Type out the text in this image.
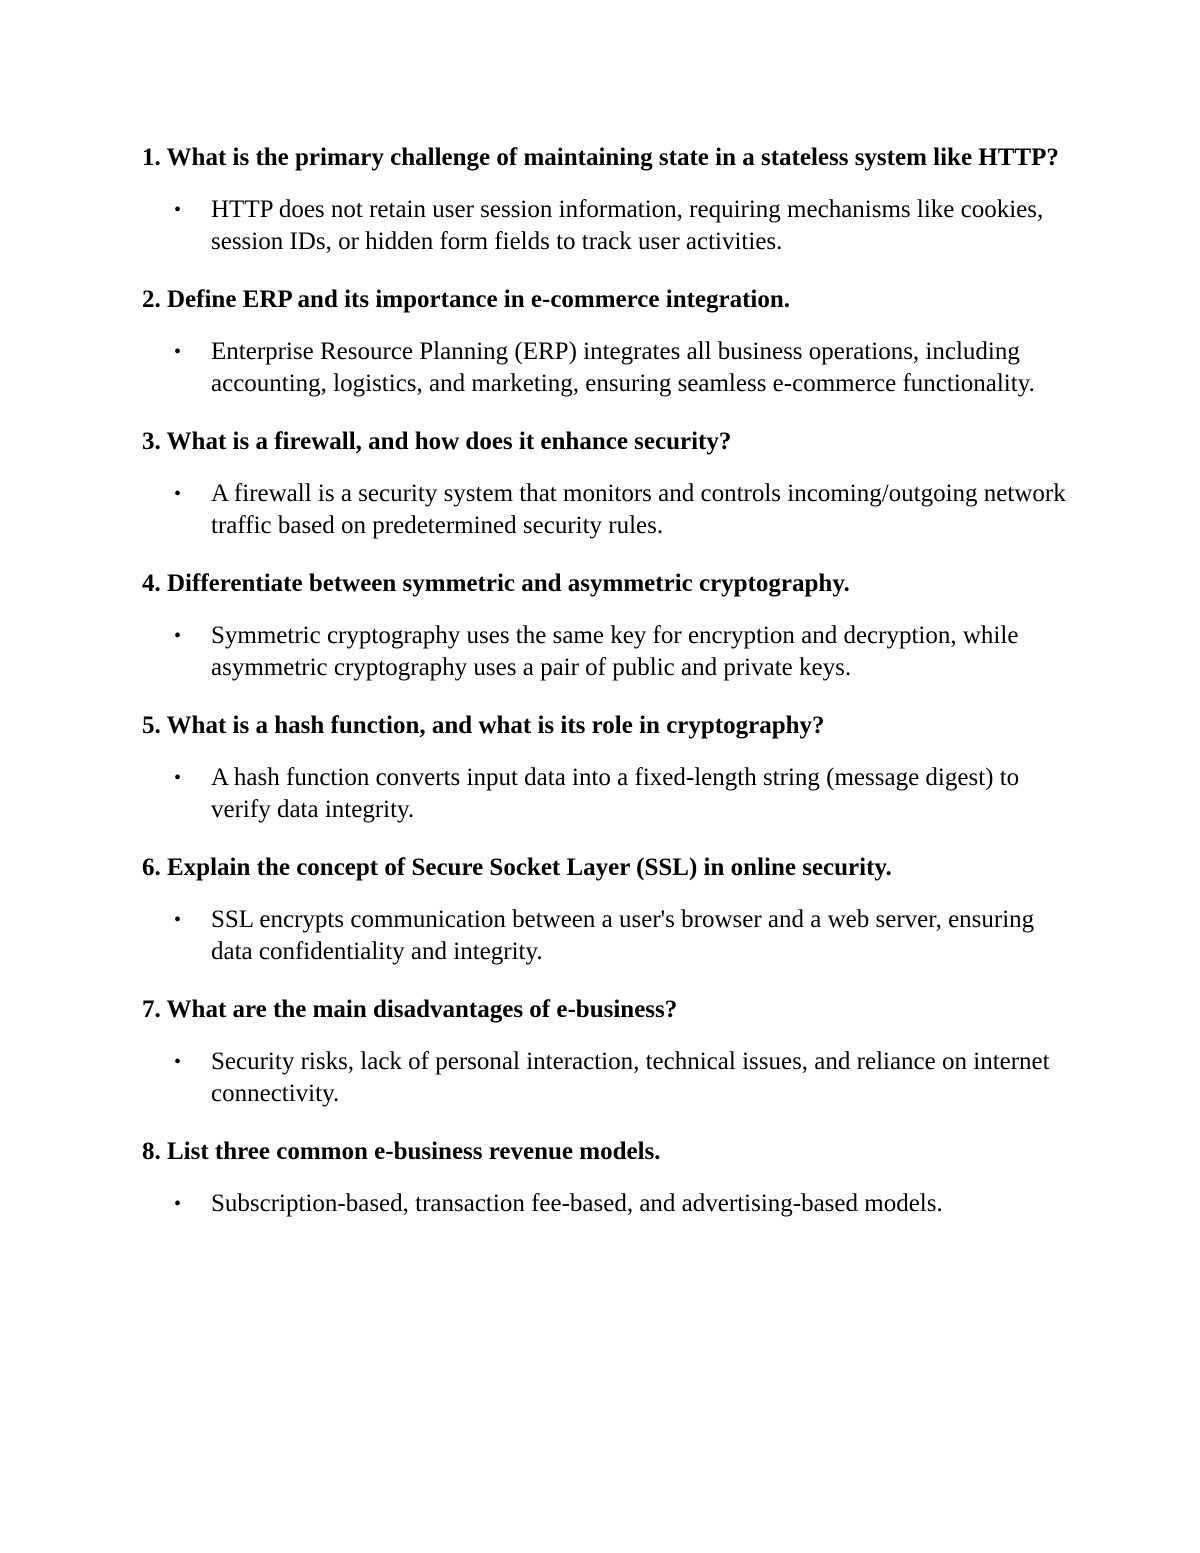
1. What is the primary challenge of maintaining state in a stateless system like HTTP?
• HTTP does not retain user session information, requiring mechanisms like cookies, session IDs, or hidden form fields to track user activities.
2. Define ERP and its importance in e-commerce integration.
• Enterprise Resource Planning (ERP) integrates all business operations, including accounting, logistics, and marketing, ensuring seamless e-commerce functionality.
3. What is a firewall, and how does it enhance security?
• A firewall is a security system that monitors and controls incoming/outgoing network traffic based on predetermined security rules.
4. Differentiate between symmetric and asymmetric cryptography.
• Symmetric cryptography uses the same key for encryption and decryption, while asymmetric cryptography uses a pair of public and private keys.
5. What is a hash function, and what is its role in cryptography?
• A hash function converts input data into a fixed-length string (message digest) to verify data integrity.
6. Explain the concept of Secure Socket Layer (SSL) in online security.
• SSL encrypts communication between a user's browser and a web server, ensuring data confidentiality and integrity.
7. What are the main disadvantages of e-business?
• Security risks, lack of personal interaction, technical issues, and reliance on internet connectivity.
8. List three common e-business revenue models.
• Subscription-based, transaction fee-based, and advertising-based models.
